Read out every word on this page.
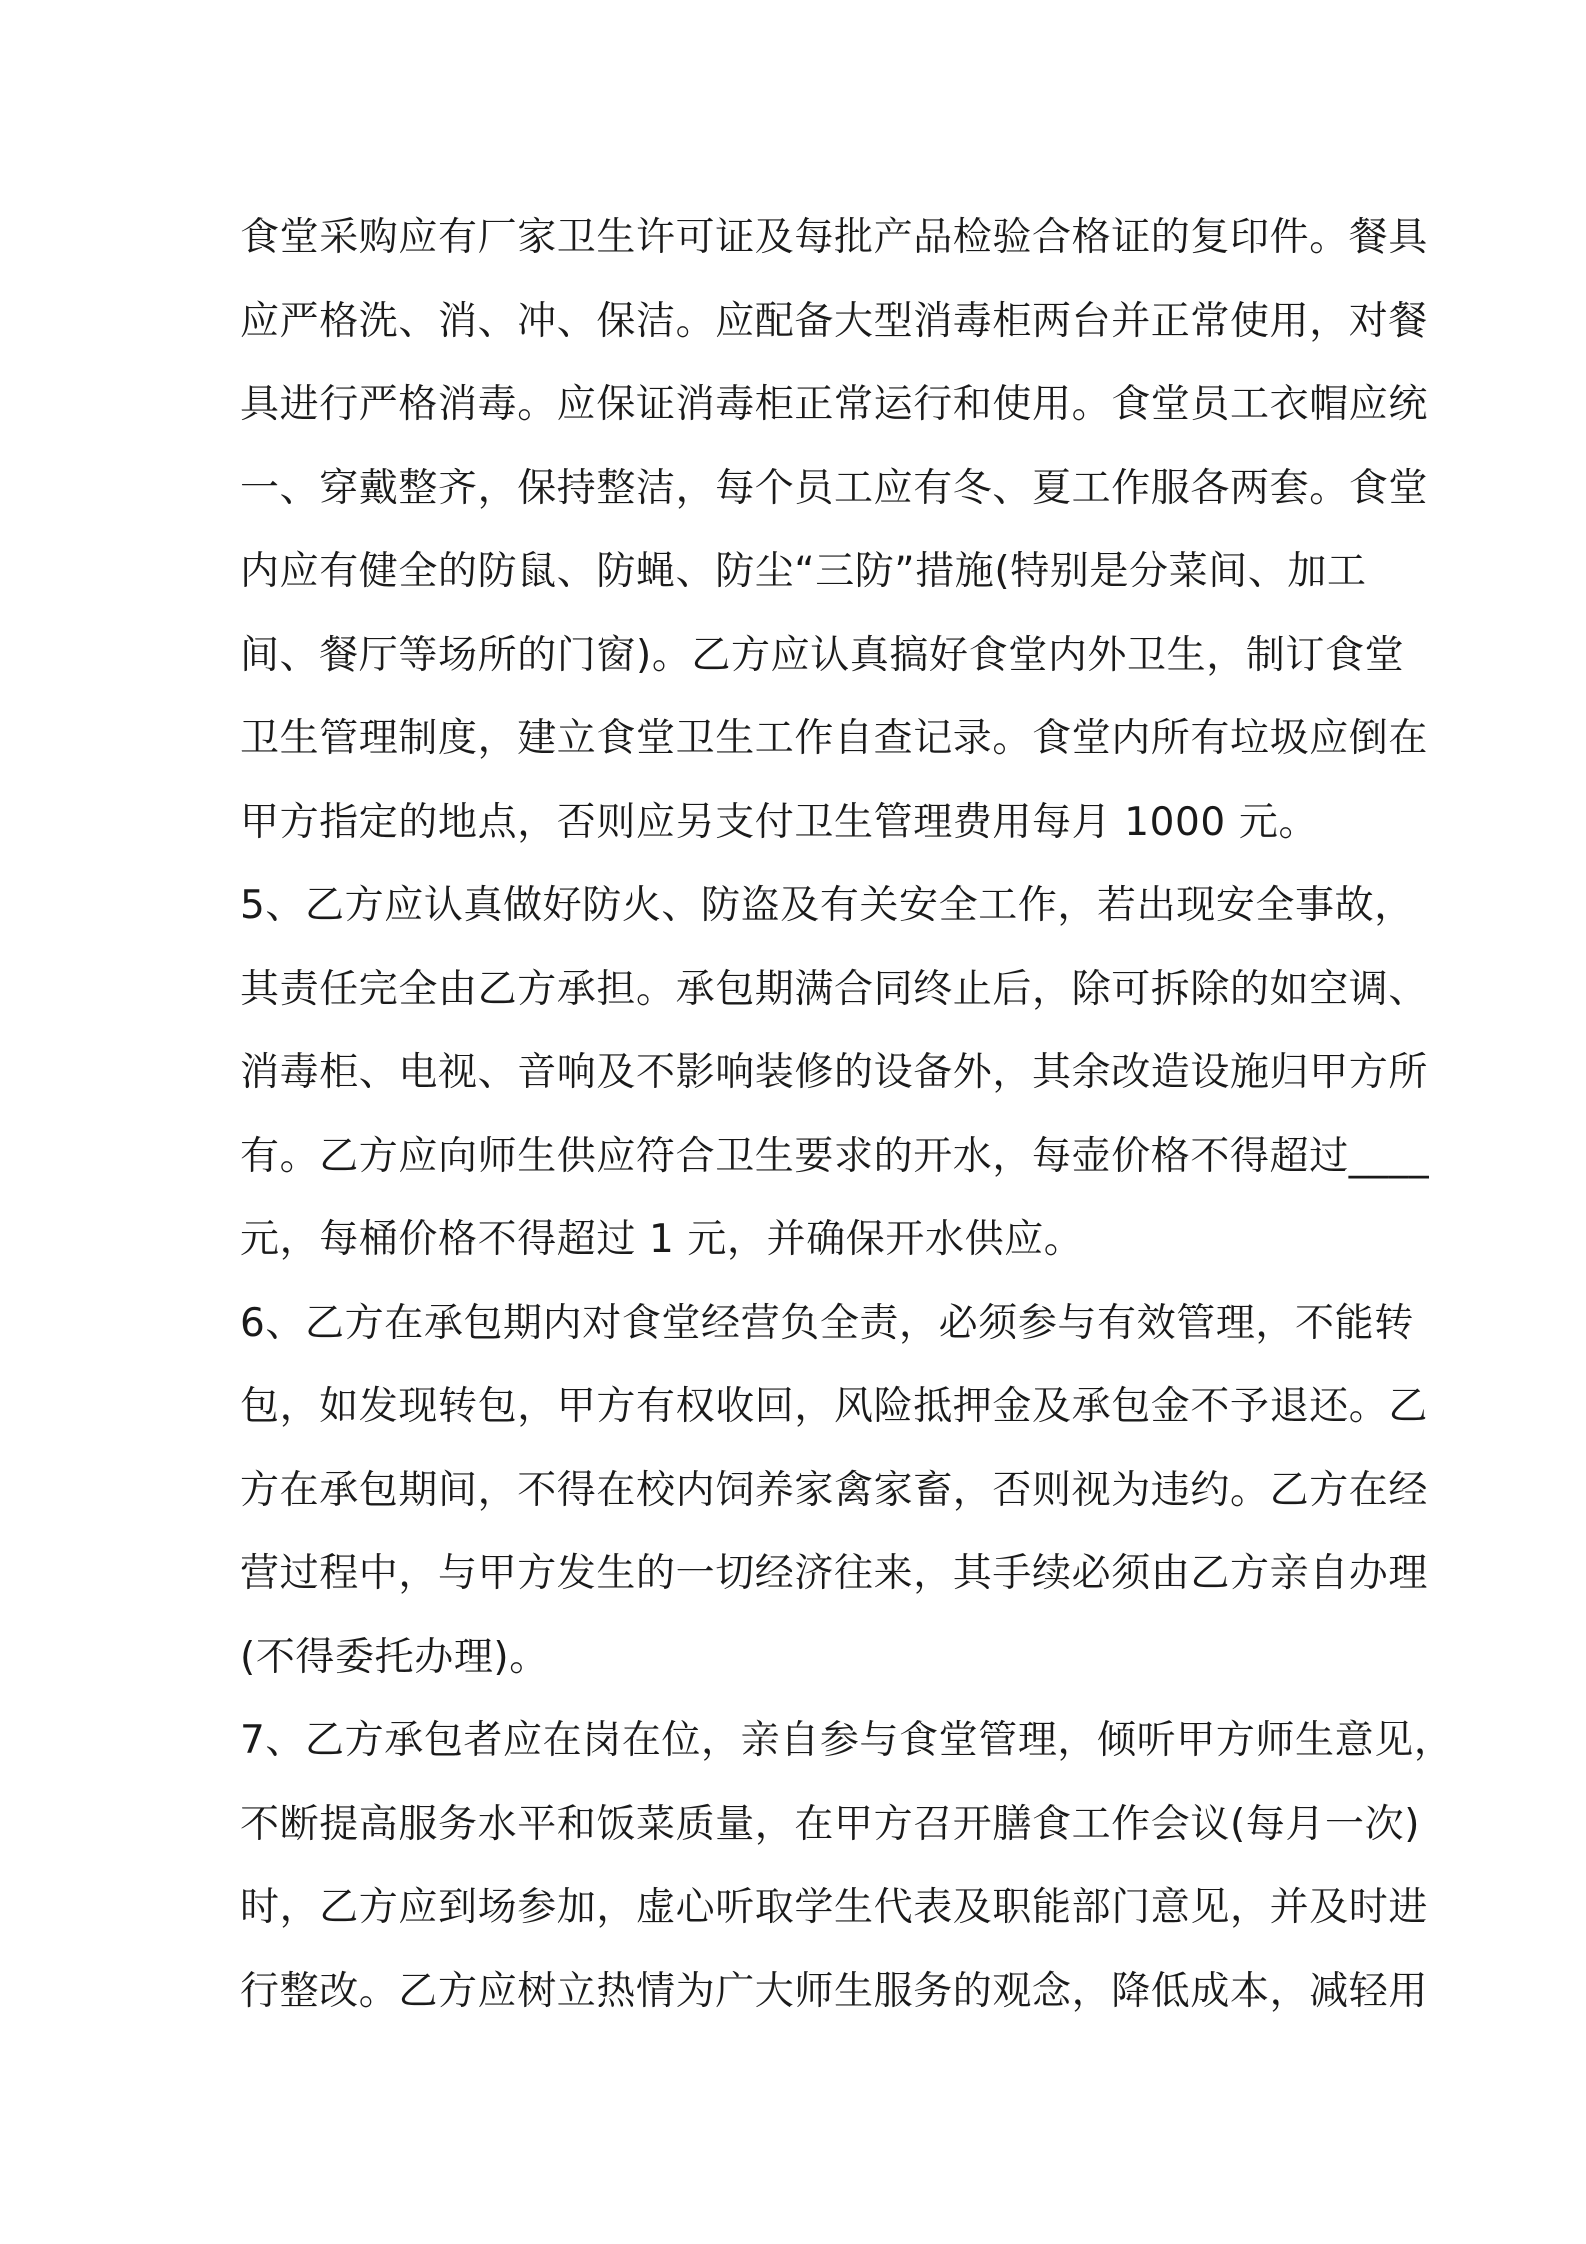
食堂采购应有厂家卫生许可证及每批产品检验合格证的复印件。餐具
应严格洗、消、冲、保洁。应配备大型消毒柜两台并正常使用，对餐
具进行严格消毒。应保证消毒柜正常运行和使用。食堂员工衣帽应统
一、穿戴整齐，保持整洁，每个员工应有冬、夏工作服各两套。食堂
内应有健全的防鼠、防蝇、防尘“三防”措施(特别是分菜间、加工
间、餐厅等场所的门窗)。乙方应认真搞好食堂内外卫生，制订食堂
卫生管理制度，建立食堂卫生工作自查记录。食堂内所有垃圾应倒在
甲方指定的地点，否则应另支付卫生管理费用每月 1000 元。
5、乙方应认真做好防火、防盗及有关安全工作，若出现安全事故，
其责任完全由乙方承担。承包期满合同终止后，除可拆除的如空调、
消毒柜、电视、音响及不影响装修的设备外，其余改造设施归甲方所
有。乙方应向师生供应符合卫生要求的开水，每壶价格不得超过____
元，每桶价格不得超过 1 元，并确保开水供应。
6、乙方在承包期内对食堂经营负全责，必须参与有效管理，不能转
包，如发现转包，甲方有权收回，风险抵押金及承包金不予退还。乙
方在承包期间，不得在校内饲养家禽家畜，否则视为违约。乙方在经
营过程中，与甲方发生的一切经济往来，其手续必须由乙方亲自办理
(不得委托办理)。
7、乙方承包者应在岗在位，亲自参与食堂管理，倾听甲方师生意见，
不断提高服务水平和饭菜质量，在甲方召开膳食工作会议(每月一次)
时，乙方应到场参加，虚心听取学生代表及职能部门意见，并及时进
行整改。乙方应树立热情为广大师生服务的观念，降低成本，减轻用
